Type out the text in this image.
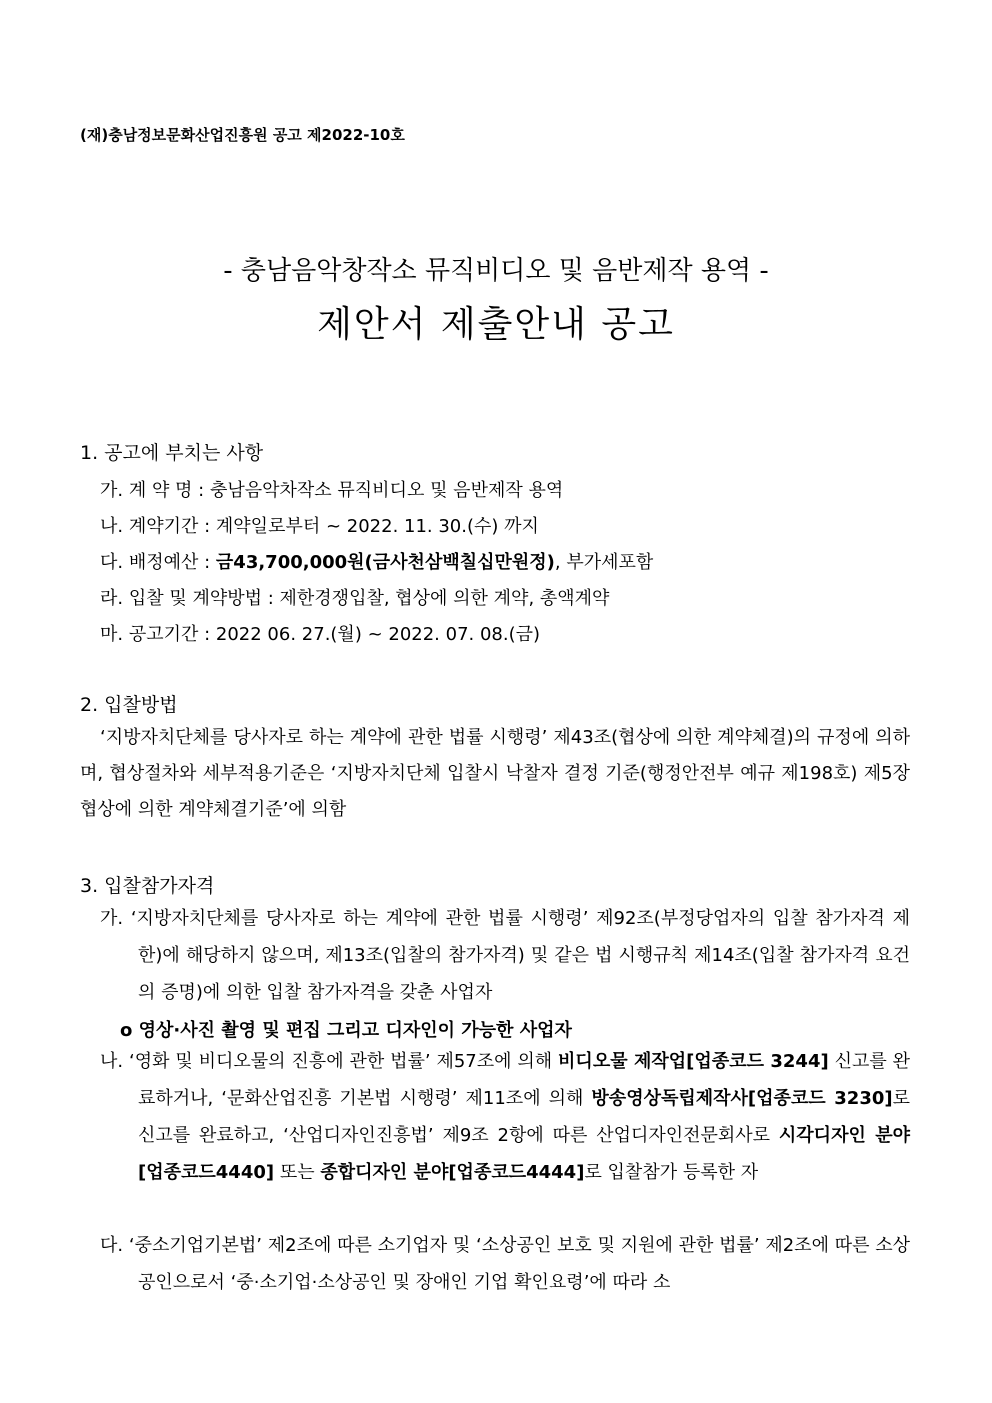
(재)충남정보문화산업진흥원 공고 제2022-10호
- 충남음악창작소 뮤직비디오 및 음반제작 용역 -
제안서 제출안내 공고
1. 공고에 부치는 사항
가. 계 약 명 : 충남음악차작소 뮤직비디오 및 음반제작 용역
나. 계약기간 : 계약일로부터 ~ 2022. 11. 30.(수) 까지
다. 배정예산 : 금43,700,000원(금사천삼백칠십만원정), 부가세포함
라. 입찰 및 계약방법 : 제한경쟁입찰, 협상에 의한 계약, 총액계약
마. 공고기간 : 2022 06. 27.(월) ~ 2022. 07. 08.(금)
2. 입찰방법
‘지방자치단체를 당사자로 하는 계약에 관한 법률 시행령’ 제43조(협상에 의한 계약체결)의 규정에 의하며, 협상절차와 세부적용기준은 ‘지방자치단체 입찰시 낙찰자 결정 기준(행정안전부 예규 제198호) 제5장 협상에 의한 계약체결기준’에 의함
3. 입찰참가자격
가. ‘지방자치단체를 당사자로 하는 계약에 관한 법률 시행령’ 제92조(부정당업자의 입찰 참가자격 제한)에 해당하지 않으며, 제13조(입찰의 참가자격) 및 같은 법 시행규칙 제14조(입찰 참가자격 요건의 증명)에 의한 입찰 참가자격을 갖춘 사업자
o 영상·사진 촬영 및 편집 그리고 디자인이 가능한 사업자
나. ‘영화 및 비디오물의 진흥에 관한 법률’ 제57조에 의해 비디오물 제작업[업종코드 3244] 신고를 완료하거나, ‘문화산업진흥 기본법 시행령’ 제11조에 의해 방송영상독립제작사[업종코드 3230]로 신고를 완료하고, ‘산업디자인진흥법’ 제9조 2항에 따른 산업디자인전문회사로 시각디자인 분야[업종코드4440] 또는 종합디자인 분야[업종코드4444]로 입찰참가 등록한 자
다. ‘중소기업기본법’ 제2조에 따른 소기업자 및 ‘소상공인 보호 및 지원에 관한 법률’ 제2조에 따른 소상공인으로서 ‘중·소기업·소상공인 및 장애인 기업 확인요령’에 따라 소
